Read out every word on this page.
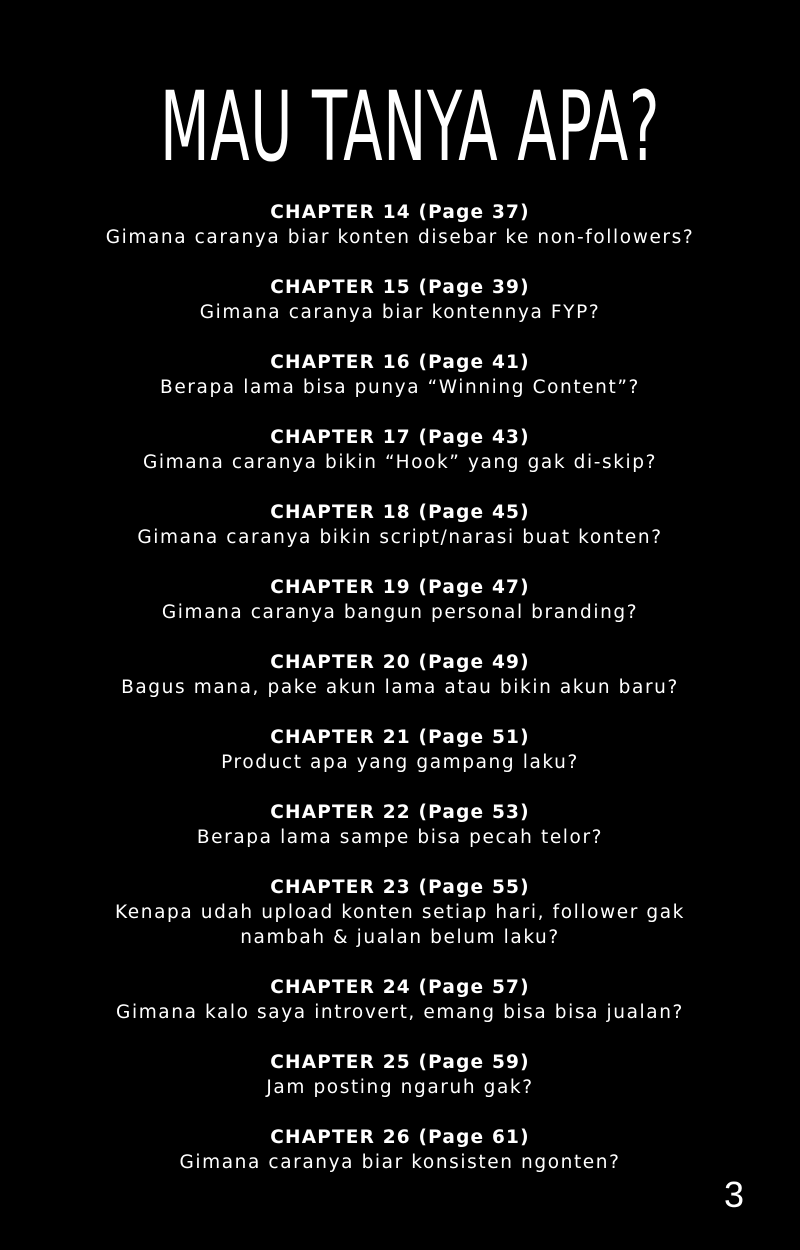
MAU TANYA APA?
CHAPTER 14 (Page 37)
Gimana caranya biar konten disebar ke non-followers?
CHAPTER 15 (Page 39)
Gimana caranya biar kontennya FYP?
CHAPTER 16 (Page 41)
Berapa lama bisa punya “Winning Content”?
CHAPTER 17 (Page 43)
Gimana caranya bikin “Hook” yang gak di-skip?
CHAPTER 18 (Page 45)
Gimana caranya bikin script/narasi buat konten?
CHAPTER 19 (Page 47)
Gimana caranya bangun personal branding?
CHAPTER 20 (Page 49)
Bagus mana, pake akun lama atau bikin akun baru?
CHAPTER 21 (Page 51)
Product apa yang gampang laku?
CHAPTER 22 (Page 53)
Berapa lama sampe bisa pecah telor?
CHAPTER 23 (Page 55)
Kenapa udah upload konten setiap hari, follower gak nambah & jualan belum laku?
CHAPTER 24 (Page 57)
Gimana kalo saya introvert, emang bisa bisa jualan?
CHAPTER 25 (Page 59)
Jam posting ngaruh gak?
CHAPTER 26 (Page 61)
Gimana caranya biar konsisten ngonten?
3
